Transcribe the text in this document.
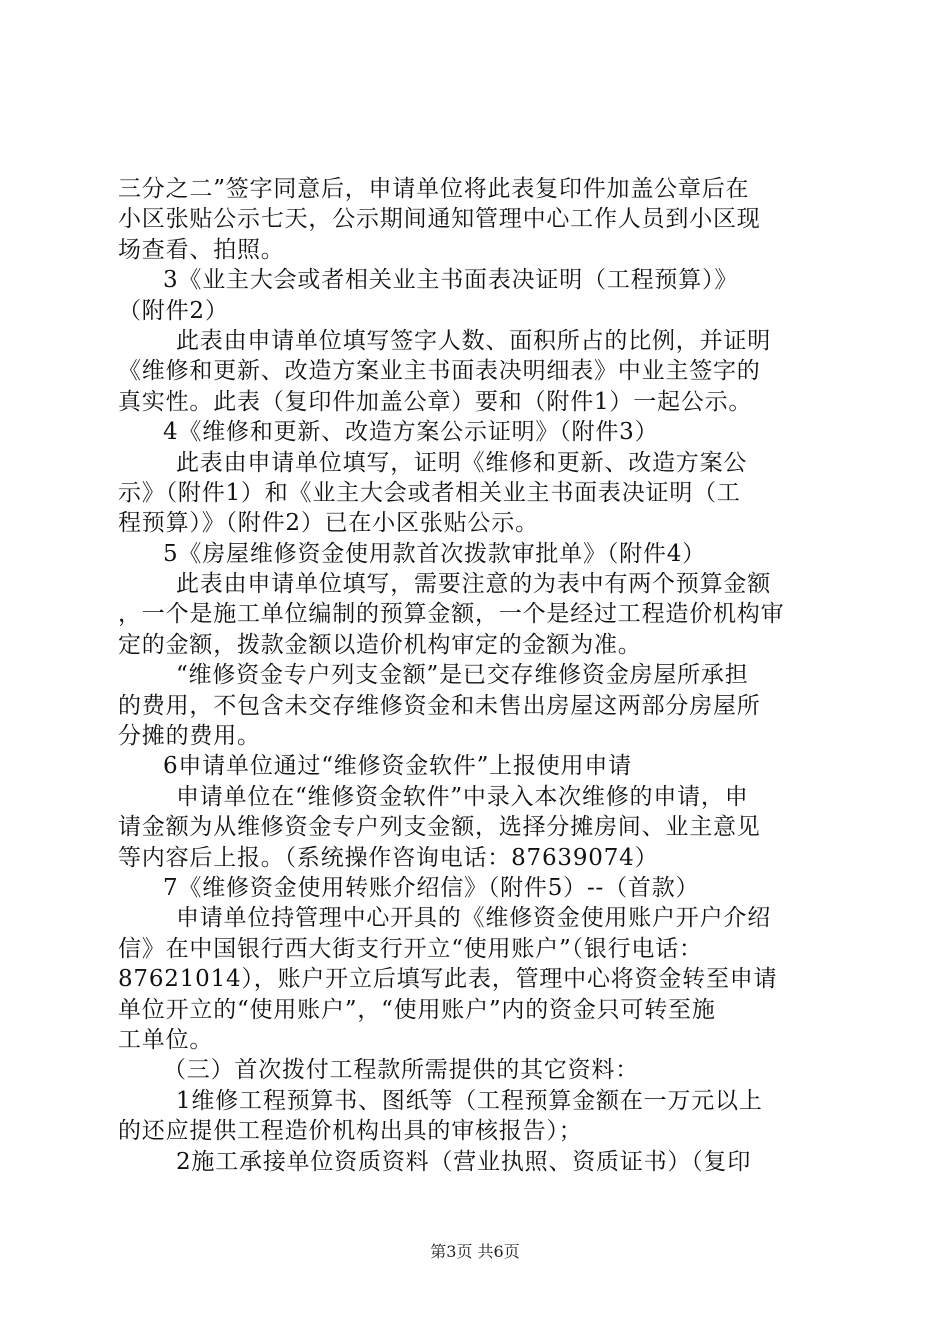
三分之二”签字同意后，申请单位将此表复印件加盖公章后在
小区张贴公示七天，公示期间通知管理中心工作人员到小区现
场查看、拍照。
3《业主大会或者相关业主书面表决证明（工程预算）》
（附件2）
此表由申请单位填写签字人数、面积所占的比例，并证明
《维修和更新、改造方案业主书面表决明细表》中业主签字的
真实性。此表（复印件加盖公章）要和（附件1）一起公示。
4《维修和更新、改造方案公示证明》（附件3）
此表由申请单位填写，证明《维修和更新、改造方案公
示》（附件1）和《业主大会或者相关业主书面表决证明（工
程预算）》（附件2）已在小区张贴公示。
5《房屋维修资金使用款首次拨款审批单》（附件4）
此表由申请单位填写，需要注意的为表中有两个预算金额
，一个是施工单位编制的预算金额，一个是经过工程造价机构审
定的金额，拨款金额以造价机构审定的金额为准。
“维修资金专户列支金额”是已交存维修资金房屋所承担
的费用，不包含未交存维修资金和未售出房屋这两部分房屋所
分摊的费用。
6申请单位通过“维修资金软件”上报使用申请
申请单位在“维修资金软件”中录入本次维修的申请，申
请金额为从维修资金专户列支金额，选择分摊房间、业主意见
等内容后上报。（系统操作咨询电话：87639074）
7《维修资金使用转账介绍信》（附件5）--（首款）
申请单位持管理中心开具的《维修资金使用账户开户介绍
信》在中国银行西大街支行开立“使用账户”（银行电话：
87621014），账户开立后填写此表，管理中心将资金转至申请
单位开立的“使用账户”，“使用账户”内的资金只可转至施
工单位。
（三）首次拨付工程款所需提供的其它资料：
1维修工程预算书、图纸等（工程预算金额在一万元以上
的还应提供工程造价机构出具的审核报告）；
2施工承接单位资质资料（营业执照、资质证书）（复印
第3页 共6页
